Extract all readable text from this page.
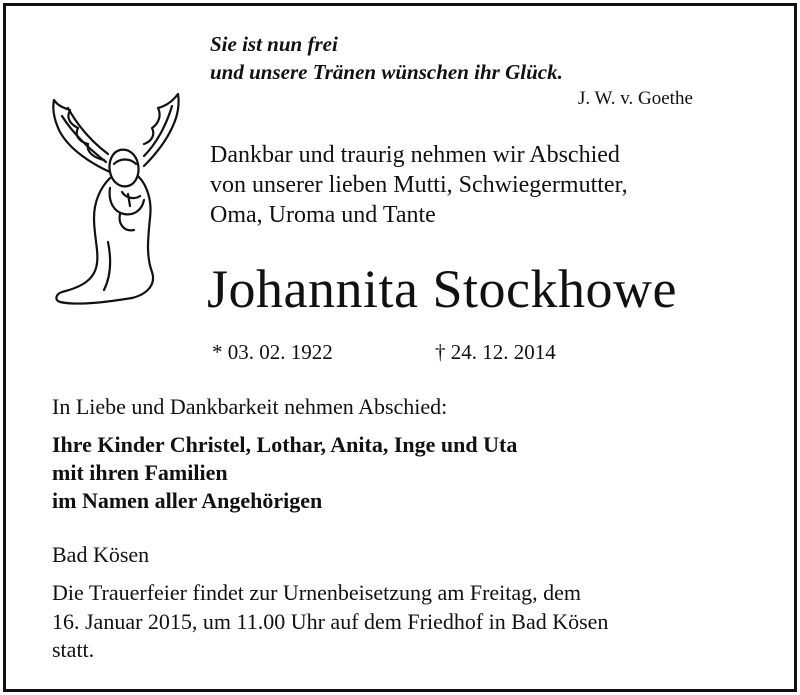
Sie ist nun frei
und unsere Tränen wünschen ihr Glück.
J. W. v. Goethe
Dankbar und traurig nehmen wir Abschied
von unserer lieben Mutti, Schwiegermutter,
Oma, Uroma und Tante
Johannita Stockhowe
* 03. 02. 1922	† 24. 12. 2014
In Liebe und Dankbarkeit nehmen Abschied:
Ihre Kinder Christel, Lothar, Anita, Inge und Uta
mit ihren Familien
im Namen aller Angehörigen
Bad Kösen
Die Trauerfeier findet zur Urnenbeisetzung am Freitag, dem
16. Januar 2015, um 11.00 Uhr auf dem Friedhof in Bad Kösen
statt.
